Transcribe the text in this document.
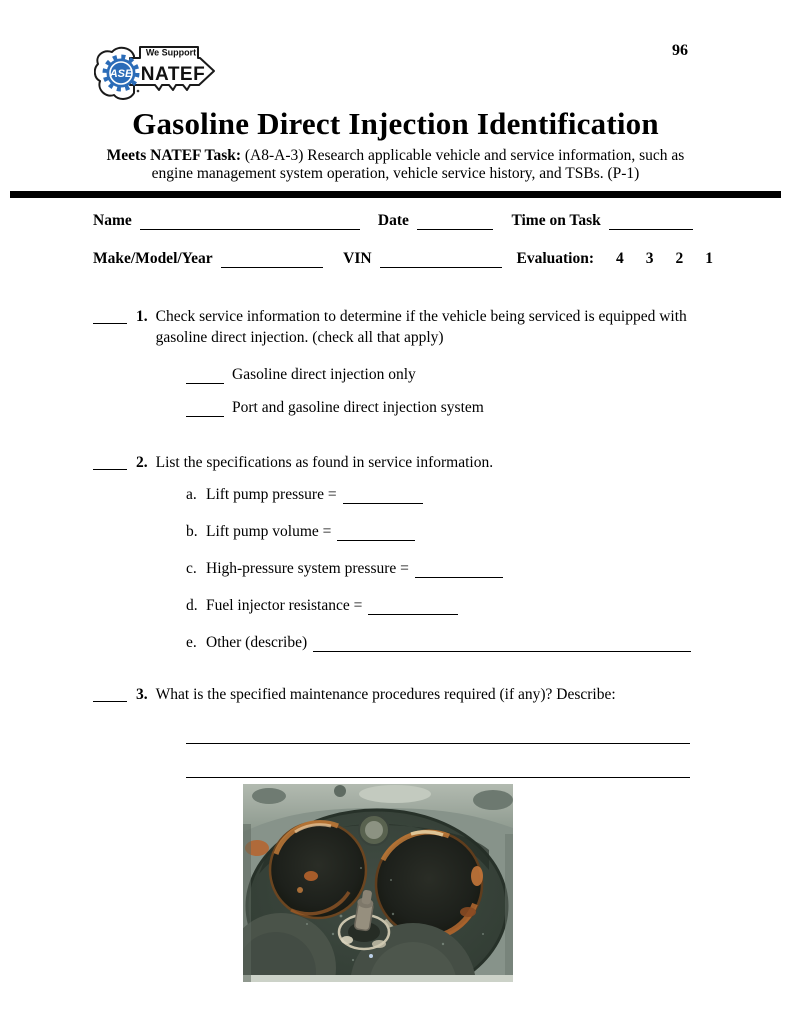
We Support
NATEF
ASE
96
Gasoline Direct Injection Identification
Meets NATEF Task: (A8-A-3) Research applicable vehicle and service information, such as
engine management system operation, vehicle service history, and TSBs. (P-1)
Name	Date	Time on Task
Make/Model/Year	VIN	Evaluation: 4 3 2 1
1. Check service information to determine if the vehicle being serviced is equipped with
gasoline direct injection. (check all that apply)
Gasoline direct injection only
Port and gasoline direct injection system
2. List the specifications as found in service information.
a. Lift pump pressure =
b. Lift pump volume =
c. High-pressure system pressure =
d. Fuel injector resistance =
e. Other (describe)
3. What is the specified maintenance procedures required (if any)? Describe:
